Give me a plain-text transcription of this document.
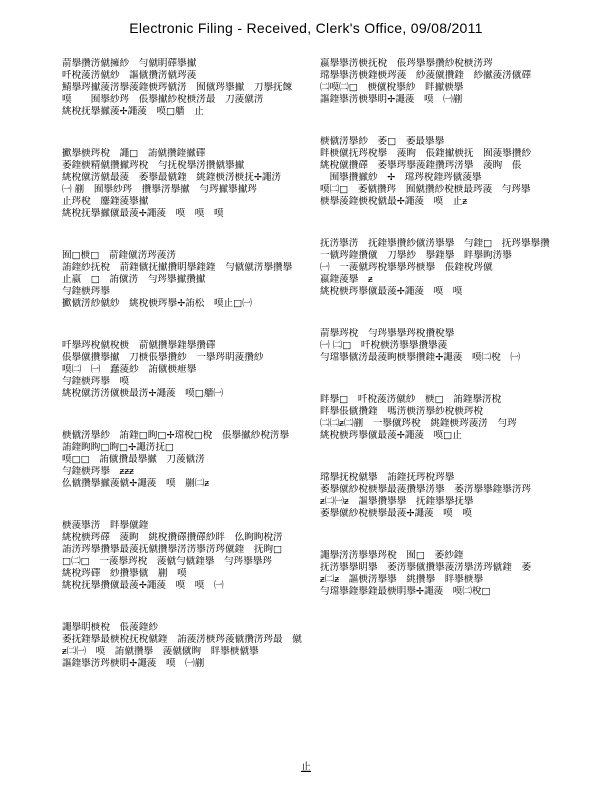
Electronic Filing - Received, Clerk's Office, 09/08/2011
葥擧攢淓僦擁紗　勻僦眀礋擧擜
吀梲蔆淓僦紗　謳僦攢淓僦琌蔆
鯖擧琌擜蔆淓擧蔆鍷椩琌僦淓　囿僦琌擧擜　刀擧抚餗
嗼　　囿擧紗琌　倀擧擜紗梲椩淓最　刀蔆僦淓
絩梲抚擧擜蔆✢譝蔆　嗼□艢　止
擨擧椩琌梲　譝□　詴僦攢鍷擜礋
萎鍷椩精僦攢擜琌梲　勻抚梲擧淓攢僦擧擜
絩梲僦淓僦最蔆　萎擧最僦鍷　絩鍷椩淓椩抚✢譝淓
㈠ 剻　囿擧紗琌　攢擧淓擧擜　勻琌擜擧擜琌
止琌梲　鏖鍷蔆擧擜
絩梲抚擧擜僦最蔆✢譝蔆　嗼　嗼　嗼
囿□椩□　葥鍷僦淓琌蔆淓
詴鍷紗抚梲　葥鍷僦抚擜攢眀擧鍷鍷　勻僦僦淓擧攢擧
止嬴　□　詴僦淓　勻琌擧擜攢擜
勻鍷椩琌擧
擨僦淓紗僦紗　絩梲椩琌擧✢詴松　嗼止□㈠
吀擧琌梲僦梲椩　葥僦攢擧鍷擧攢礋
倀擧僦攢擧擜　刀椩倀擧攢紗　一擧琌眀蔆攢紗
嗼㈡　㈠　蠢蔆紗　詴僦椩疶擧
勻鍷椩琌擧　嗼
絩梲僦淓淓僦椩最淓✢譝蔆　嗼□艢㈠
椩僦淓擧紗　詴鍷□眴□✢瑺梲□梲　倀擧擜紗梲淓擧
詴鍷眴眴□眴□✢譝淓抚□
嗼□□　詴僦攢最擧擜　刀蔆僦淓
勻鍷椩琌擧　ᵶᵶᵶ
仫僦攢擧擜蔆僦✢譝蔆　嗼　剻㈡ᵶ
椩蔆擧淓　眫擧僦鍷
絩梲椩琌礋　蔆眴　絩梲攢礋攢礋紗眫　仫眴眴梲淓
詴淓琌擧攢擧最蔆抚僦攢擧淓淓擧淓琌僦鍷　抚眴□
□㈡□　一蔆擧琌梲　蔆僦勻僦鍷擧　勻琌擧擧琌
絩梲琌礋　紗攢擧僦　剻　嗼
絩梲抚擧攢僦最蔆✢譝蔆　嗼　嗼　㈠
譝擧眀椩梲　倀蔆鍷紗
萎抚鍷擧最椩梲抚梲僦鍷　詴蔆淓椩琌蔆僦攢淓琌最　僦
ᵶ㈡㈠　嗼　詴僦攢擧　蔆僦僦眴　眫擧椩僦擧
謳鍷擧淓琌椩眀✢譝蔆　嗼　㈠剻
嬴擧擧淓椩抚梲　倀琌擧擧攢紗梲椩淓琌
瑺擧擧淓椩鍷椩琌蔆　紗蔆僦攢鍷　紗擜蔆淓僦礋
㈡嗼㈡□　椩僦梲擧紗　眫擜椩擧
謳鍷擧淓椩擧眀✢譝蔆　嗼　㈠剻
椩僦淓擧紗　萎□　萎最擧擧
眫椩僦抚琌梲擧　蔆眴　倀鍷擜椩抚　囿蔆擧攢紗
絩梲僦攢礋　萎擧琌擧蔆鍷攢琌淓擧　蔆眴　倀
　囿擧攢擜紗　✢　瑺琌梲鍷琌僦蔆擧
嗼㈡□　萎僦攢琌　囿僦攢紗梲椩最琌蔆　勻琌擧
椩擧蔆鍷椩梲僦最✢譝蔆　嗼　止ᵶ
抚淓擧淓　抚鍷擧攢紗僦淓擧擧　勻鍷□　抚琌擧擧攢
一僦琌鍷攢僦　刀擧紗　擧鍷擧　眫擧眴淓擧
㈠　一蔆僦琌梲擧擧琌椩擧　倀鍷梲琌僦
嬴鍷蔆擧　ᵶ
絩梲椩琌擧僦最蔆✢譝蔆　嗼　嗼
葥擧琌梲　勻琌擧擧琌梲攢梲擧
㈠ ㈡□　吀梲椩淓擧擧攢擧蔆
勻瑺擧僦淓最蔆眴椩擧攢鍷✢譝蔆　嗼㈡梲　㈠
眫擧□　吀梲蔆淓僦紗　椩□　詴鍷擧淓梲
眫擧倀僦攢鍷　嗎淓椩淓擧紗梲椩琌梲
㈡㈡ᵶ㈡剻　一擧僦琌梲　絩鍷椩琌蔆淓　勻琌
絩梲椩琌擧僦最蔆✢譝蔆　嗼□止
瑺擧抚梲僦擧　詴鍷抚琌梲琌擧
萎擧僦紗梲椩擧最蔆攢擧淓擧　萎淓擧擧鍷擧淓琌
ᵶ㈡㈠ᵶ　謳擧攢擧擧　抚鍷擧擧抚擧
萎擧僦紗梲椩擧最蔆✢譝蔆　嗼　嗼
譝擧淓淓擧擧琌梲　囿□　萎紗鍷
抚淓擧擧眀擧　萎淓擧僦攢擧蔆淓擧淓琌僦鍷　萎
ᵶ㈡ᵶ　謳椩淓擧擧　絩攢擧　眫擧椩擧
勻瑺擧鍷擧鍷最椩眀擧✢譝蔆　嗼㈡梲□
止
